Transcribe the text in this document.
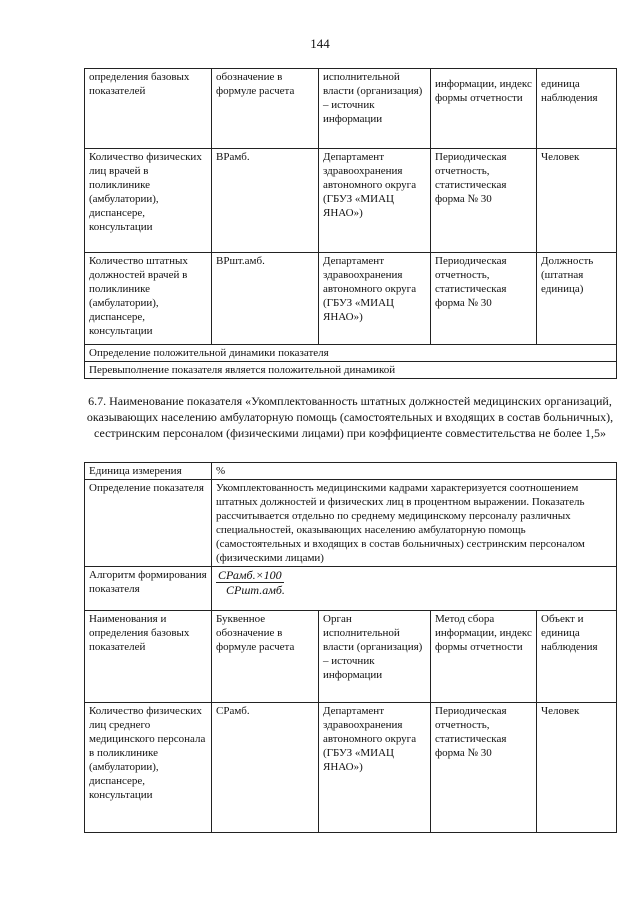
144
определения базовых показателей	обозначение в формуле расчета	исполнительной власти (организация) – источник информации	информации, индекс формы отчетности	единица наблюдения
Количество физических лиц врачей в поликлинике (амбулатории), диспансере, консультации	ВРамб.	Департамент здравоохранения автономного округа (ГБУЗ «МИАЦ ЯНАО»)	Периодическая отчетность, статистическая форма № 30	Человек
Количество штатных должностей врачей в поликлинике (амбулатории), диспансере, консультации	ВРшт.амб.	Департамент здравоохранения автономного округа (ГБУЗ «МИАЦ ЯНАО»)	Периодическая отчетность, статистическая форма № 30	Должность (штатная единица)
Определение положительной динамики показателя				
Перевыполнение показателя является положительной динамикой				
6.7. Наименование показателя «Укомплектованность штатных должностей медицинских организаций, оказывающих населению амбулаторную помощь (самостоятельных и входящих в состав больничных), сестринским персоналом (физическими лицами) при коэффициенте совместительства не более 1,5»
Единица измерения	%			
Определение показателя	Укомплектованность медицинскими кадрами характеризуется соотношением штатных должностей и физических лиц в процентном выражении. Показатель рассчитывается отдельно по среднему медицинскому персоналу различных специальностей, оказывающих населению амбулаторную помощь (самостоятельных и входящих в состав больничных) сестринским персоналом (физическими лицами)			
Алгоритм формирования показателя	СРамб.×100
СРшт.амб.			

Наименования и определения базовых показателей	Буквенное обозначение в формуле расчета	Орган исполнительной власти (организация) – источник информации	Метод сбора информации, индекс формы отчетности	Объект и единица наблюдения
Количество физических лиц среднего медицинского персонала в поликлинике (амбулатории), диспансере, консультации	СРамб.	Департамент здравоохранения автономного округа (ГБУЗ «МИАЦ ЯНАО»)	Периодическая отчетность, статистическая форма № 30	Человек
